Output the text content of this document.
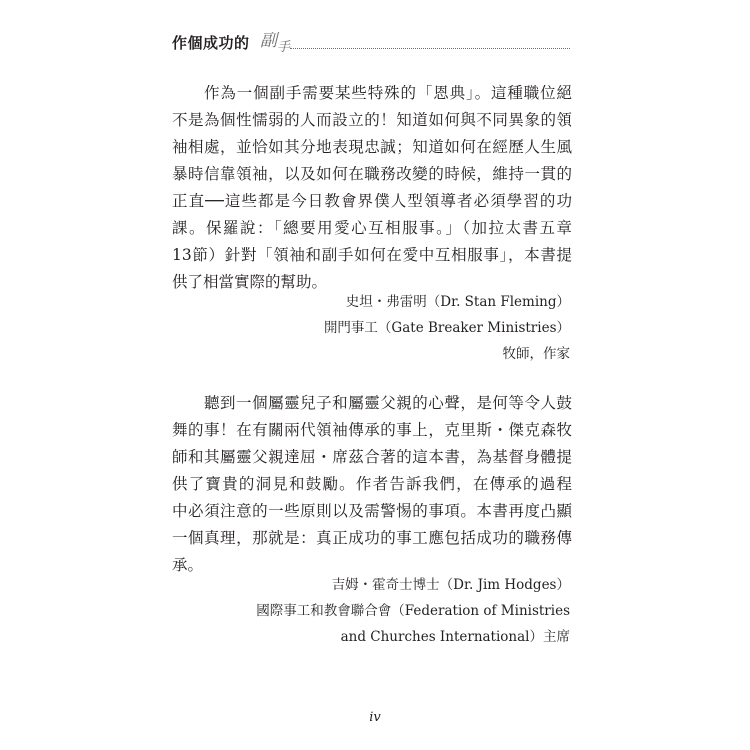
作個成功的 副$_手$
作為一個副手需要某些特殊的「恩典」。這種職位絕
不是為個性懦弱的人而設立的！知道如何與不同異象的領
袖相處，並恰如其分地表現忠誠；知道如何在經歷人生風
暴時信靠領袖，以及如何在職務改變的時候，維持一貫的
正直──這些都是今日教會界僕人型領導者必須學習的功
課。保羅說：「總要用愛心互相服事。」（加拉太書五章
13節）針對「領袖和副手如何在愛中互相服事」，本書提
供了相當實際的幫助。
史坦・弗雷明（Dr. Stan Fleming）
開門事工（Gate Breaker Ministries）
牧師，作家
聽到一個屬靈兒子和屬靈父親的心聲，是何等令人鼓
舞的事！在有關兩代領袖傳承的事上，克里斯・傑克森牧
師和其屬靈父親達屈・席茲合著的這本書，為基督身體提
供了寶貴的洞見和鼓勵。作者告訴我們，在傳承的過程
中必須注意的一些原則以及需警惕的事項。本書再度凸顯
一個真理，那就是：真正成功的事工應包括成功的職務傳
承。
吉姆・霍奇士博士（Dr. Jim Hodges）
國際事工和教會聯合會（Federation of Ministries
and Churches International）主席
iv
